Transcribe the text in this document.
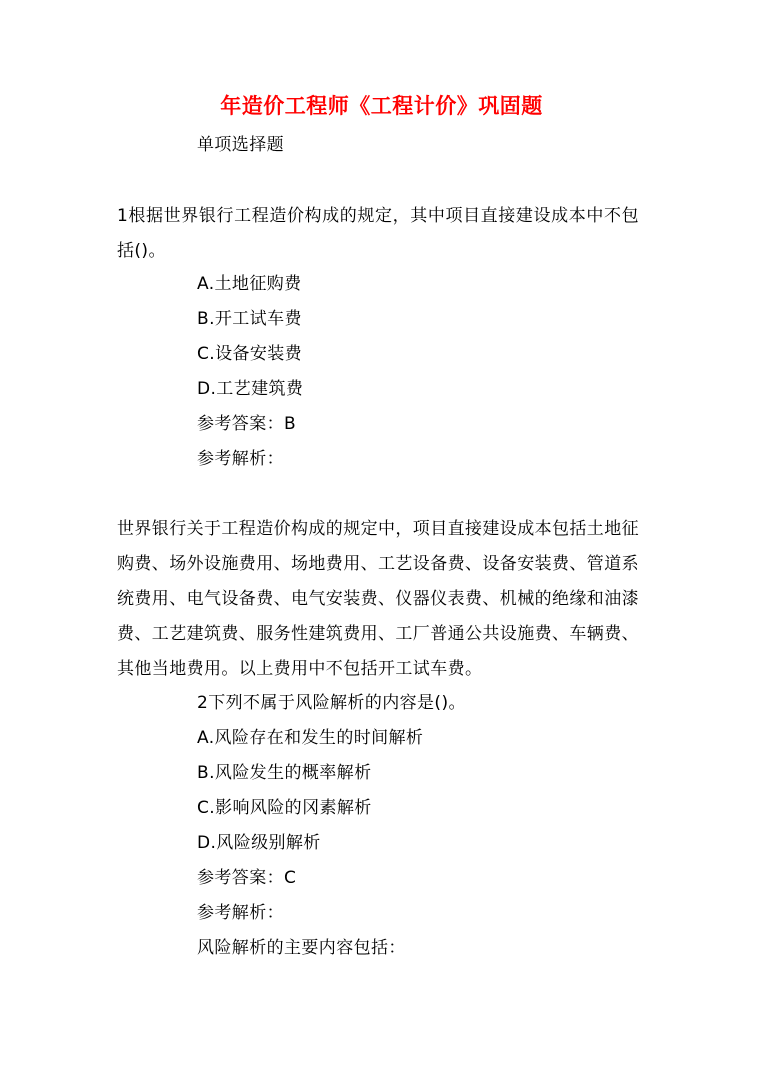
年造价工程师《工程计价》巩固题
单项选择题
1根据世界银行工程造价构成的规定，其中项目直接建设成本中不包括()。
A.土地征购费
B.开工试车费
C.设备安装费
D.工艺建筑费
参考答案：B
参考解析：
世界银行关于工程造价构成的规定中，项目直接建设成本包括土地征购费、场外设施费用、场地费用、工艺设备费、设备安装费、管道系统费用、电气设备费、电气安装费、仪器仪表费、机械的绝缘和油漆费、工艺建筑费、服务性建筑费用、工厂普通公共设施费、车辆费、其他当地费用。以上费用中不包括开工试车费。
2下列不属于风险解析的内容是()。
A.风险存在和发生的时间解析
B.风险发生的概率解析
C.影响风险的冈素解析
D.风险级别解析
参考答案：C
参考解析：
风险解析的主要内容包括：
